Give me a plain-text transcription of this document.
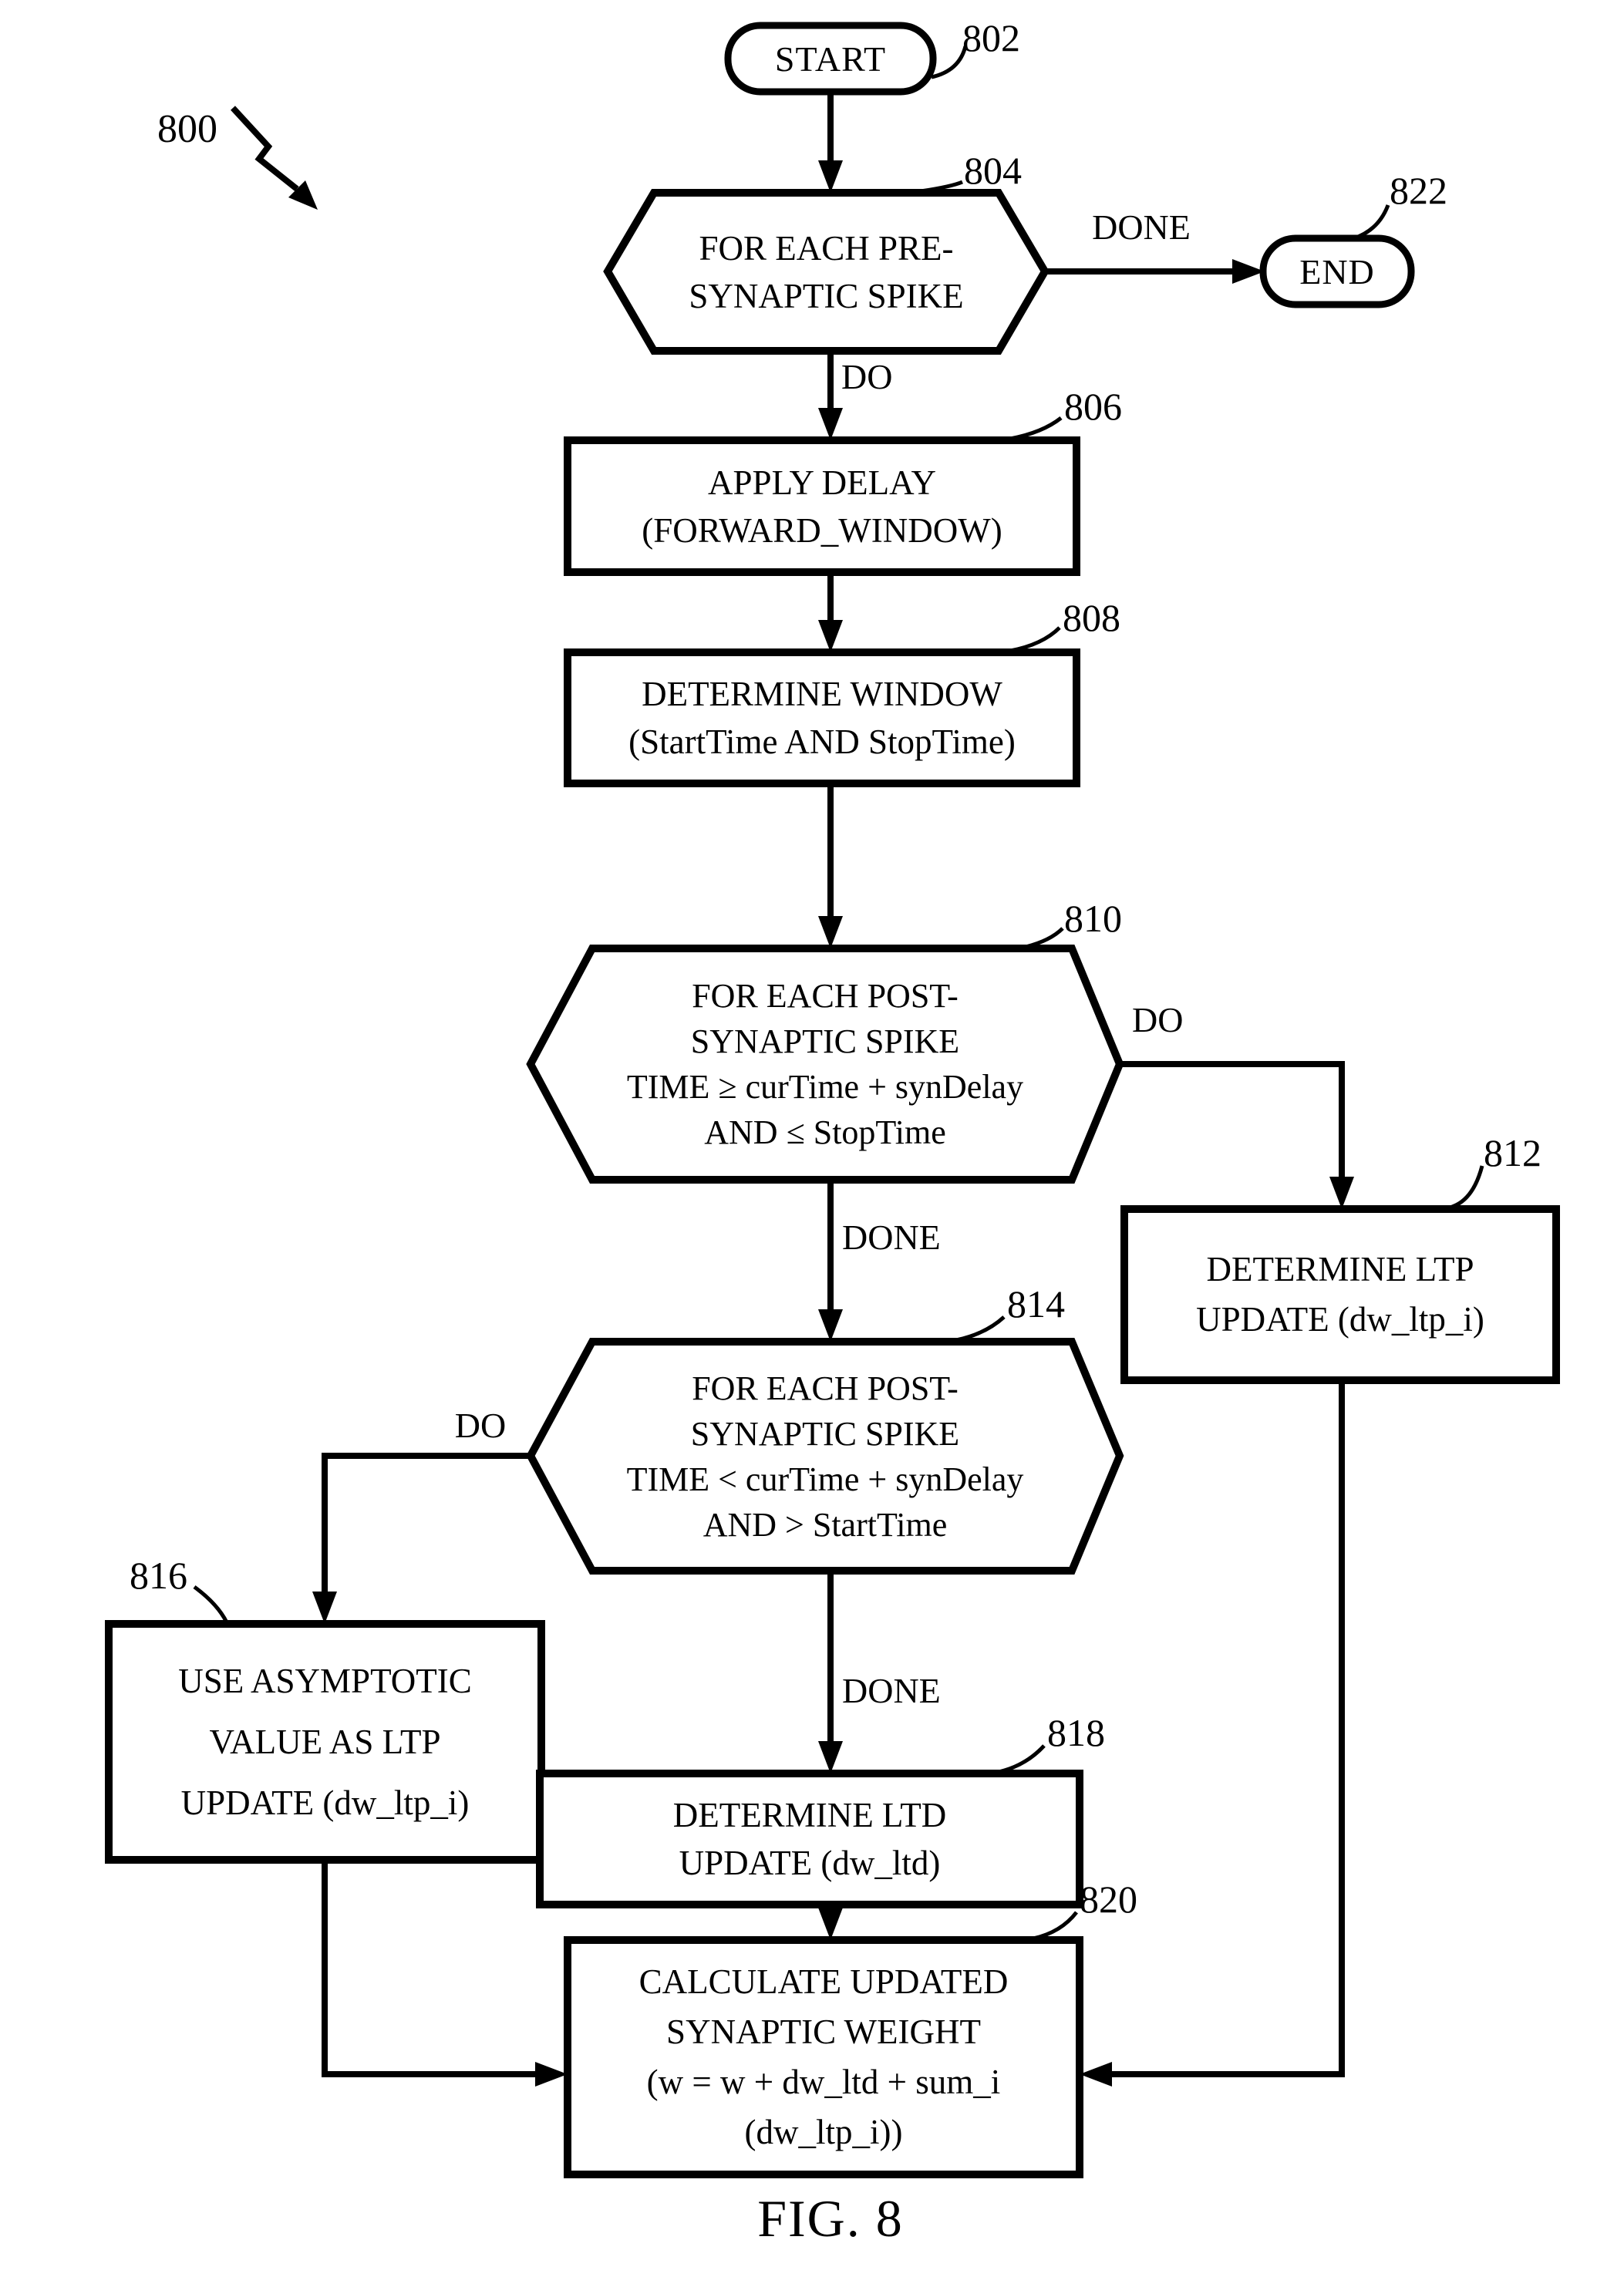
800
FIG. 8
START
END
FOR EACH PRE-
SYNAPTIC SPIKE
APPLY DELAY
(FORWARD_WINDOW)
DETERMINE WINDOW
(StartTime AND StopTime)
FOR EACH POST-
SYNAPTIC SPIKE
TIME ≥ curTime + synDelay
AND ≤ StopTime
DETERMINE LTP
UPDATE (dw_ltp_i)
FOR EACH POST-
SYNAPTIC SPIKE
TIME < curTime + synDelay
AND > StartTime
USE ASYMPTOTIC
VALUE AS LTP
UPDATE (dw_ltp_i)	DETERMINE LTD
UPDATE (dw_ltd)
CALCULATE UPDATED
SYNAPTIC WEIGHT
(w = w + dw_ltd + sum_i
(dw_ltp_i))
DONE
DO
DO
DONE
DO
DONE
802
804
806
808
810
812
814
816
818
820
822
